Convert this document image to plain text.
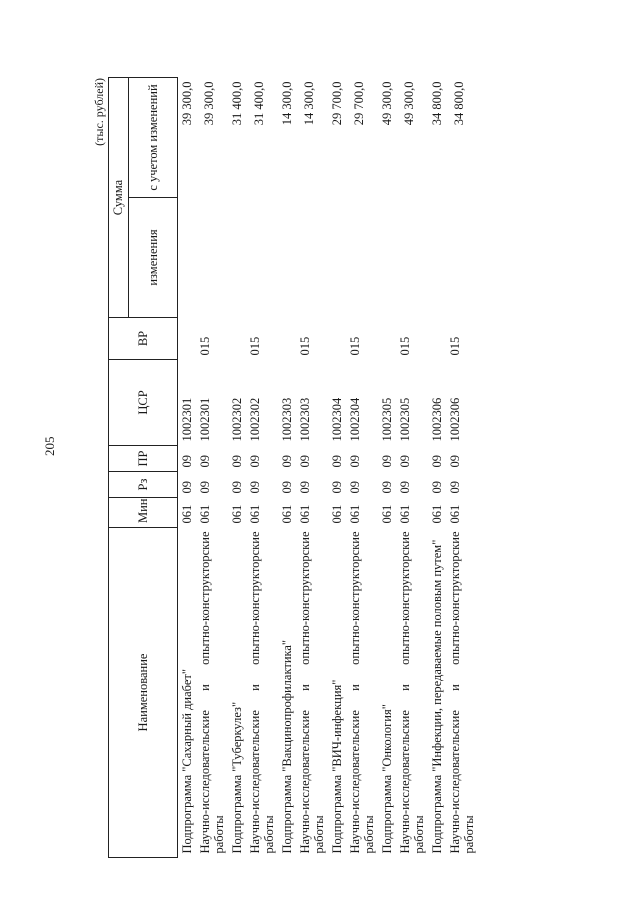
205
(тыс. рублей)
Наименование	Мин	Рз	ПР	ЦСР	ВР	Сумма	
						изменения	с учетом изменений
Подпрограмма "Сахарный диабет"	061	09	09	1002301			39 300,0
Научно-исследовательские и опытно-конструкторские работы	061	09	09	1002301	015		39 300,0
Подпрограмма "Туберкулез"	061	09	09	1002302			31 400,0
Научно-исследовательские и опытно-конструкторские работы	061	09	09	1002302	015		31 400,0
Подпрограмма "Вакцинопрофилактика"	061	09	09	1002303			14 300,0
Научно-исследовательские и опытно-конструкторские работы	061	09	09	1002303	015		14 300,0
Подпрограмма "ВИЧ-инфекция"	061	09	09	1002304			29 700,0
Научно-исследовательские и опытно-конструкторские работы	061	09	09	1002304	015		29 700,0
Подпрограмма "Онкология"	061	09	09	1002305			49 300,0
Научно-исследовательские и опытно-конструкторские работы	061	09	09	1002305	015		49 300,0
Подпрограмма "Инфекции, передаваемые половым путем"	061	09	09	1002306			34 800,0
Научно-исследовательские и опытно-конструкторские работы	061	09	09	1002306	015		34 800,0
